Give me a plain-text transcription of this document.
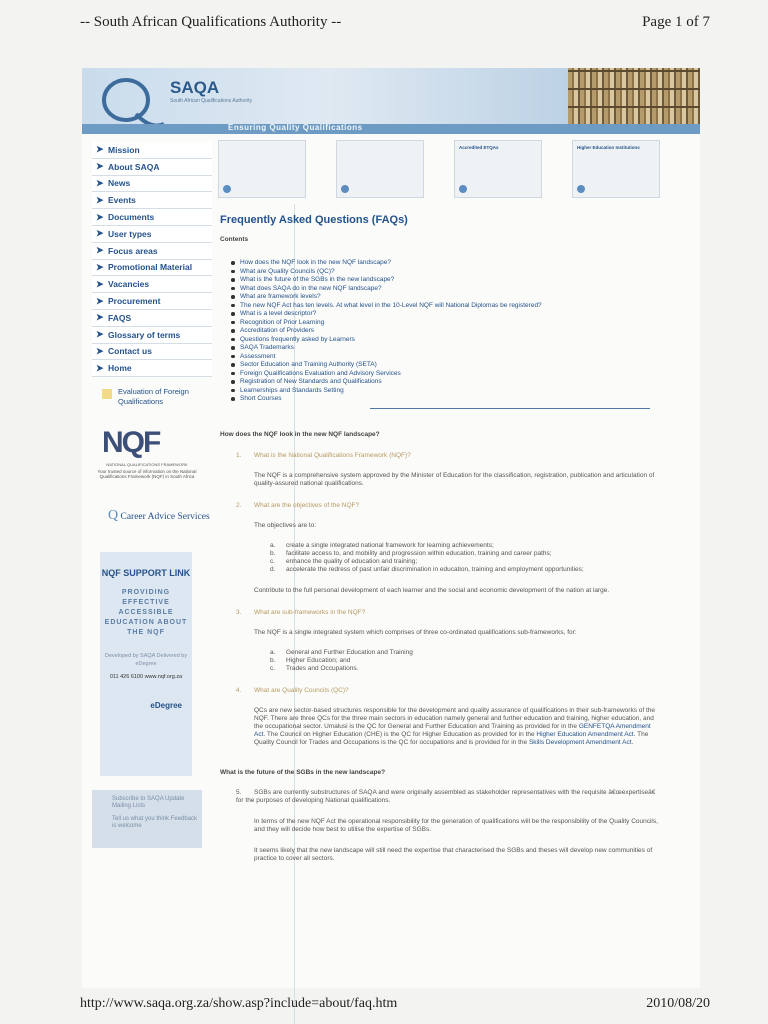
-- South African Qualifications Authority --	Page 1 of 7
SAQA
South African Qualifications Authority
Ensuring Quality Qualifications
➤ Mission
➤ About SAQA
➤ News
➤ Events
➤ Documents
➤ User types
➤ Focus areas
➤ Promotional Material
➤ Vacancies
➤ Procurement
➤ FAQS
➤ Glossary of terms
➤ Contact us
➤ Home
Evaluation of Foreign Qualifications
NQF
NATIONAL QUALIFICATIONS FRAMEWORK
Your trusted source of information on the National Qualifications Framework (NQF) in South Africa
Q Career Advice Services
NQF SUPPORT LINK
PROVIDING EFFECTIVE ACCESSIBLE EDUCATION ABOUT THE NQF
Developed by SAQA Delivered by eDegree
011 426 6100 www.nqf.org.za
eDegree
Subscribe to SAQA Update Mailing Lists
Tell us what you think Feedback is welcome
Accredited ETQAs	Higher Education Institutions
Frequently Asked Questions (FAQs)
Contents
How does the NQF look in the new NQF landscape?
What are Quality Councils (QC)?
What is the future of the SGBs in the new landscape?
What does SAQA do in the new NQF landscape?
What are framework levels?
The new NQF Act has ten levels. At what level in the 10-Level NQF will National Diplomas be registered?
What is a level descriptor?
Recognition of Prior Learning
Accreditation of Providers
Questions frequently asked by Learners
SAQA Trademarks
Assessment
Sector Education and Training Authority (SETA)
Foreign Qualifications Evaluation and Advisory Services
Registration of New Standards and Qualifications
Learnerships and Standards Setting
Short Courses
How does the NQF look in the new NQF landscape?
1. What is the National Qualifications Framework (NQF)?
The NQF is a comprehensive system approved by the Minister of Education for the classification, registration, publication and articulation of quality-assured national qualifications.
2. What are the objectives of the NQF?
The objectives are to:
a. create a single integrated national framework for learning achievements;
b. facilitate access to, and mobility and progression within education, training and career paths;
c. enhance the quality of education and training;
d. accelerate the redress of past unfair discrimination in education, training and employment opportunities;
Contribute to the full personal development of each learner and the social and economic development of the nation at large.
3. What are sub-frameworks in the NQF?
The NQF is a single integrated system which comprises of three co-ordinated qualifications sub-frameworks, for:
a. General and Further Education and Training
b. Higher Education; and
c. Trades and Occupations.
4. What are Quality Councils (QC)?
QCs are new sector-based structures responsible for the development and quality assurance of qualifications in their sub-frameworks of the NQF. There are three QCs for the three main sectors in education namely general and further education and training, higher education, and the occupational sector. Umalusi is the QC for General and Further Education and Training as provided for in the GENFETQA Amendment Act. The Council on Higher Education (CHE) is the QC for Higher Education as provided for in the Higher Education Amendment Act. The Quality Council for Trades and Occupations is the QC for occupations and is provided for in the Skills Development Amendment Act.
What is the future of the SGBs in the new landscape?
5. SGBs are currently substructures of SAQA and were originally assembled as stakeholder representatives with the requisite â€œexpertiseâ€ for the purposes of developing National qualifications.
In terms of the new NQF Act the operational responsibility for the generation of qualifications will be the responsibility of the Quality Councils, and they will decide how best to utilise the expertise of SGBs.
It seems likely that the new landscape will still need the expertise that characterised the SGBs and theses will develop new communities of practice to cover all sectors.
http://www.saqa.org.za/show.asp?include=about/faq.htm	2010/08/20
